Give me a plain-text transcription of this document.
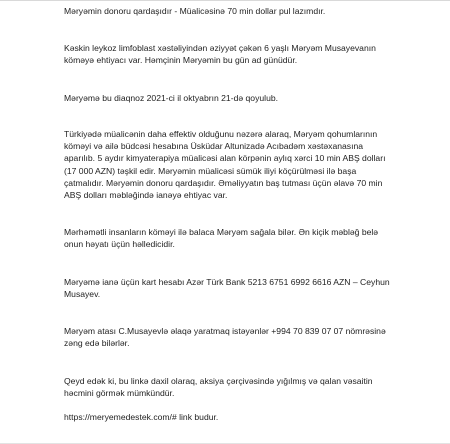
Məryəmin donoru qardaşıdır - Müalicəsinə 70 min dollar pul lazımdır.

Kəskin leykoz limfoblast xəstəliyindən əziyyət çəkən 6 yaşlı Məryəm Musayevanın köməyə ehtiyacı var. Həmçinin Məryəmin bu gün ad günüdür.

Məryəmə bu diaqnoz 2021-ci il oktyabrın 21-də qoyulub.

Türkiyədə müalicənin daha effektiv olduğunu nəzərə alaraq, Məryəm qohumlarının köməyi və ailə büdcəsi hesabına Üsküdar Altunizadə Acıbadəm xəstəxanasına aparılıb. 5 aydır kimyaterapiya müalicəsi alan körpənin aylıq xərci 10 min ABŞ dolları (17 000 AZN) təşkil edir. Məryəmin müalicəsi sümük iliyi köçürülməsi ilə başa çatmalıdır. Məryəmin donoru qardaşıdır. Əməliyyatın baş tutması üçün əlavə 70 min ABŞ dolları məbləğində ianəyə ehtiyac var.

Mərhəmətli insanların köməyi ilə balaca Məryəm sağala bilər. Ən kiçik məbləğ belə onun həyatı üçün həlledicidir.

Məryəmə ianə üçün kart hesabı Azər Türk Bank 5213 6751 6992 6616 AZN – Ceyhun Musayev.

Məryəm atası C.Musayevlə əlaqə yaratmaq istəyənlər +994 70 839 07 07 nömrəsinə zəng edə bilərlər.

Qeyd edək ki, bu linkə daxil olaraq, aksiya çərçivəsində yığılmış və qalan vəsaitin həcmini görmək mümkündür.

https://meryemedestek.com/# link budur.
